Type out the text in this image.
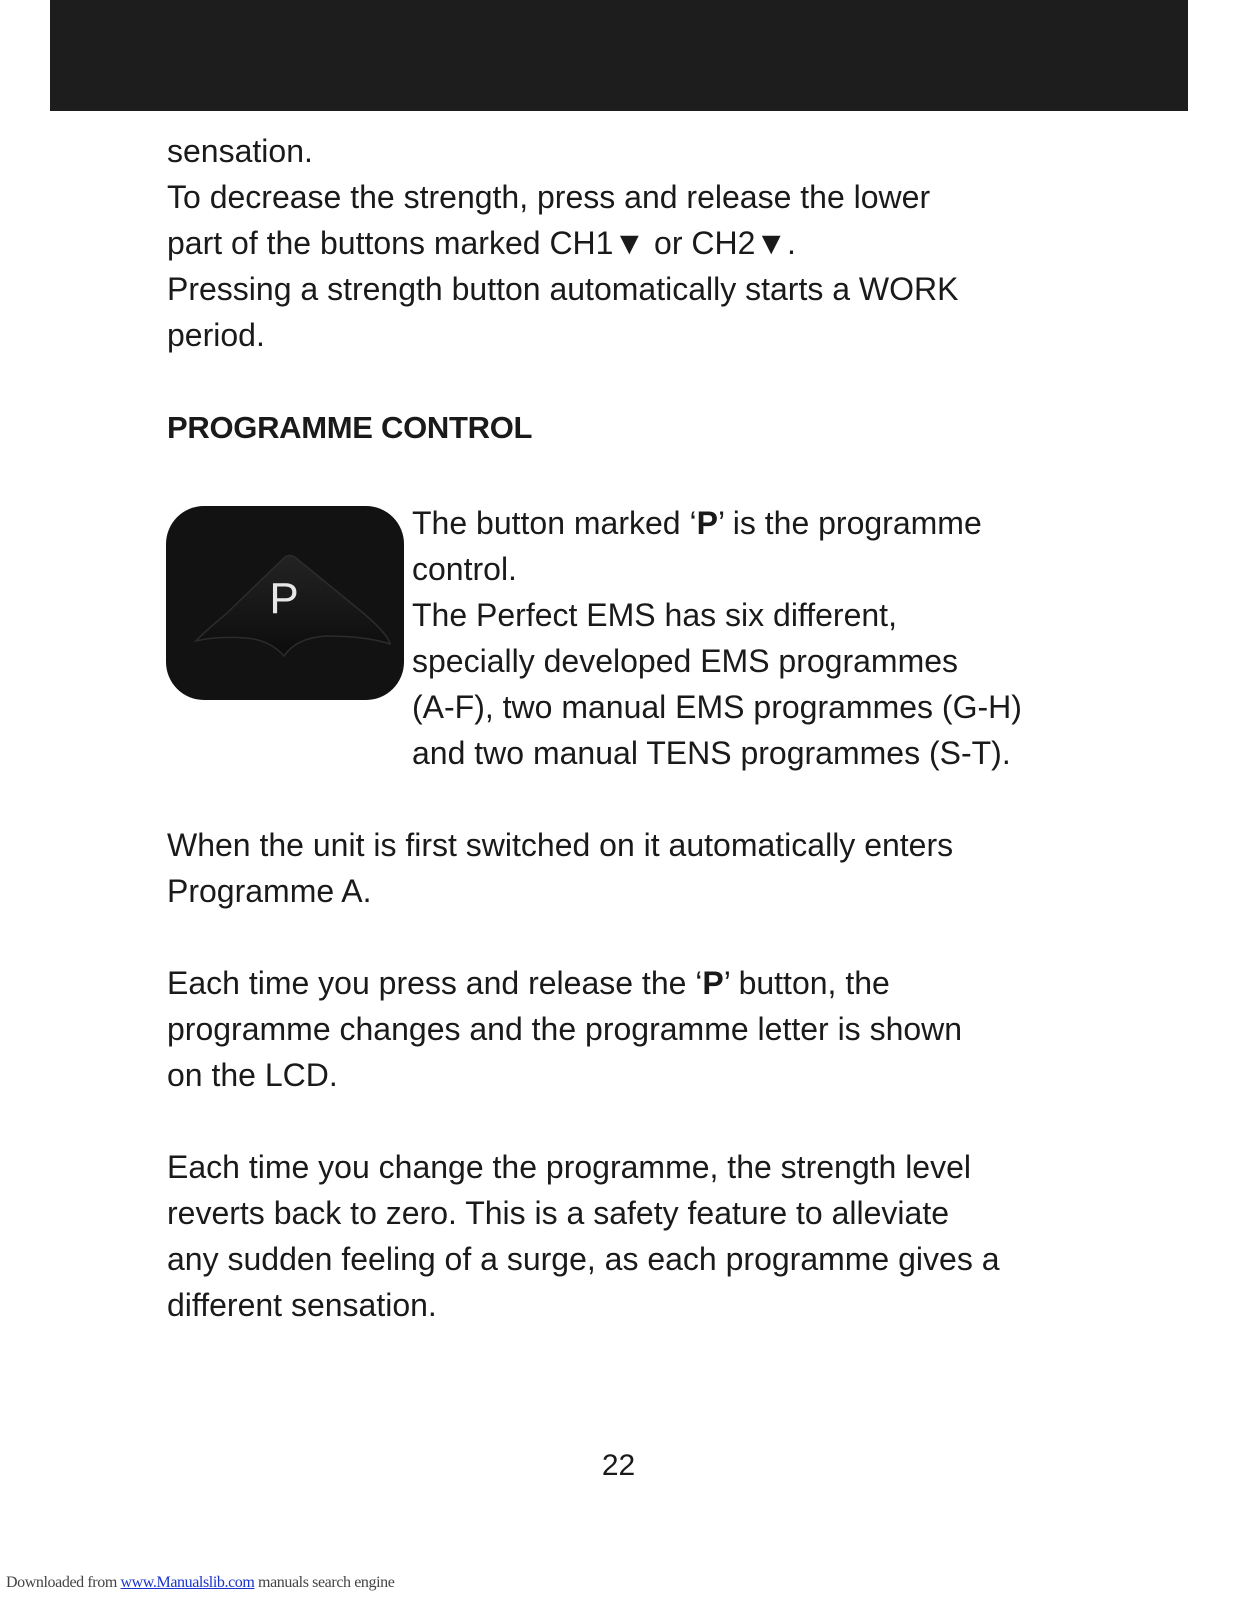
sensation.

To decrease the strength, press and release the lower

part of the buttons marked CH1▼ or CH2▼.

Pressing a strength button automatically starts a WORK

period.

PROGRAMME CONTROL
P

The button marked ‘P’ is the programme

control.

The Perfect EMS has six different,

specially developed EMS programmes

(A-F), two manual EMS programmes (G-H)

and two manual TENS programmes (S-T).

When the unit is first switched on it automatically enters

Programme A.

Each time you press and release the ‘P’ button, the

programme changes and the programme letter is shown

on the LCD.

Each time you change the programme, the strength level

reverts back to zero. This is a safety feature to alleviate

any sudden feeling of a surge, as each programme gives a

different sensation.

22

Downloaded from www.Manualslib.com manuals search engine
